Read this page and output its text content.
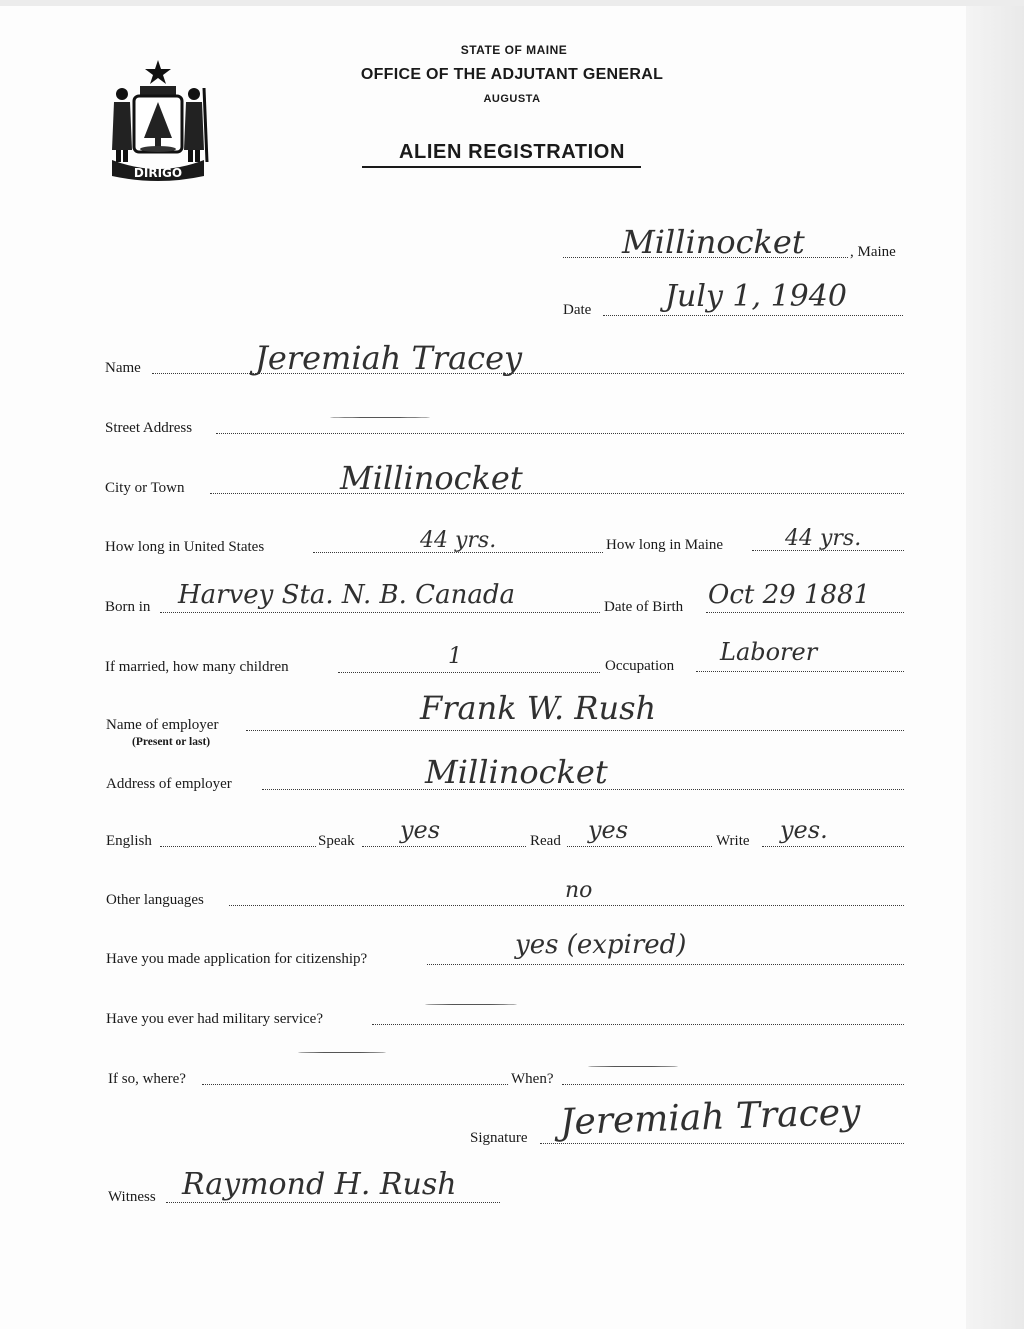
DIRIGO
STATE OF MAINE
OFFICE OF THE ADJUTANT GENERAL
AUGUSTA
ALIEN REGISTRATION
Millinocket	, Maine
Date July 1, 1940
Name	Jeremiah Tracey
Street Address
City or Town	Millinocket
How long in United States	44 yrs.	How long in Maine	44 yrs.
Born in Harvey Sta. N. B. Canada	Date of Birth Oct 29 1881
If married, how many children	1	Occupation Laborer
Name of employer
(Present or last)
Frank W. Rush
Address of employer	Millinocket
English	Speak yes	Read yes	Write yes.
Other languages	no
Have you made application for citizenship?	yes (expired)
Have you ever had military service?
If so, where?	When?
Signature Jeremiah Tracey
Witness Raymond H. Rush
